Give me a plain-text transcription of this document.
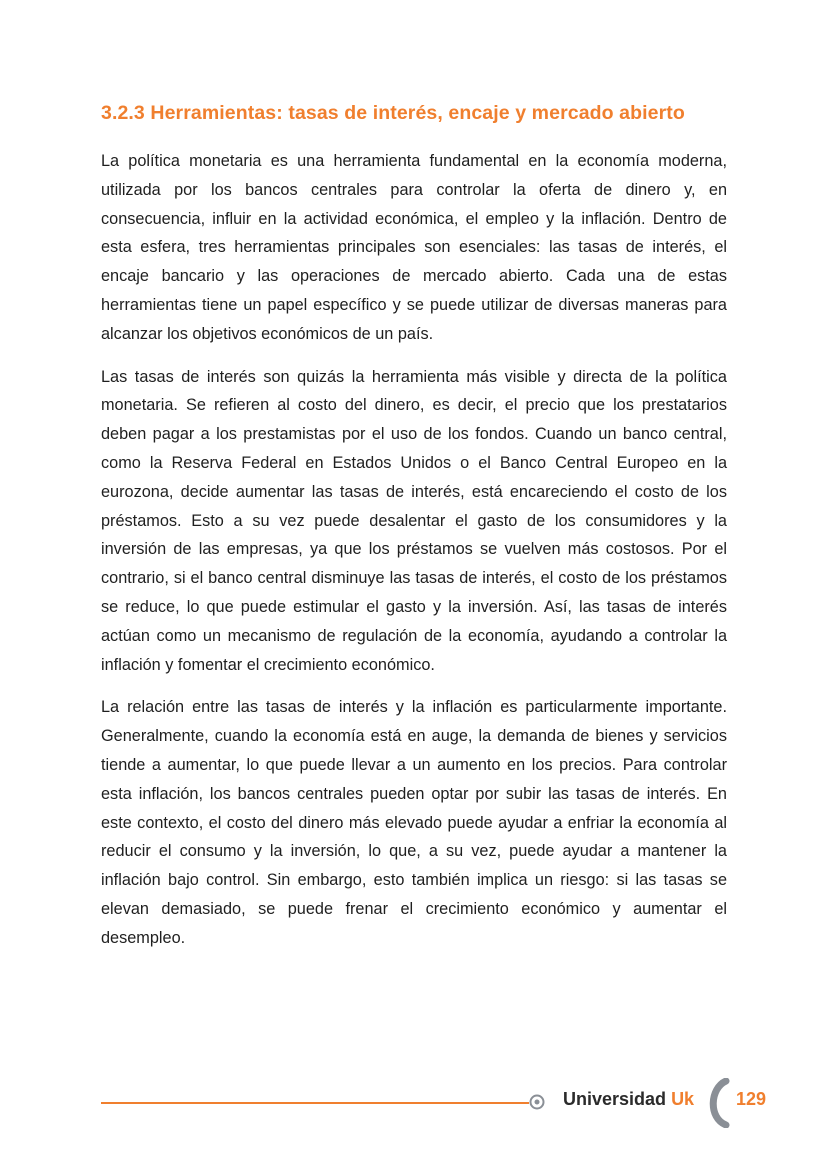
3.2.3 Herramientas: tasas de interés, encaje y mercado abierto

La política monetaria es una herramienta fundamental en la economía moderna, utilizada por los bancos centrales para controlar la oferta de dinero y, en consecuencia, influir en la actividad económica, el empleo y la inflación. Dentro de esta esfera, tres herramientas principales son esenciales: las tasas de interés, el encaje bancario y las operaciones de mercado abierto. Cada una de estas herramientas tiene un papel específico y se puede utilizar de diversas maneras para alcanzar los objetivos económicos de un país.

Las tasas de interés son quizás la herramienta más visible y directa de la política monetaria. Se refieren al costo del dinero, es decir, el precio que los prestatarios deben pagar a los prestamistas por el uso de los fondos. Cuando un banco central, como la Reserva Federal en Estados Unidos o el Banco Central Europeo en la eurozona, decide aumentar las tasas de interés, está encareciendo el costo de los préstamos. Esto a su vez puede desalentar el gasto de los consumidores y la inversión de las empresas, ya que los préstamos se vuelven más costosos. Por el contrario, si el banco central disminuye las tasas de interés, el costo de los préstamos se reduce, lo que puede estimular el gasto y la inversión. Así, las tasas de interés actúan como un mecanismo de regulación de la economía, ayudando a controlar la inflación y fomentar el crecimiento económico.

La relación entre las tasas de interés y la inflación es particularmente importante. Generalmente, cuando la economía está en auge, la demanda de bienes y servicios tiende a aumentar, lo que puede llevar a un aumento en los precios. Para controlar esta inflación, los bancos centrales pueden optar por subir las tasas de interés. En este contexto, el costo del dinero más elevado puede ayudar a enfriar la economía al reducir el consumo y la inversión, lo que, a su vez, puede ayudar a mantener la inflación bajo control. Sin embargo, esto también implica un riesgo: si las tasas se elevan demasiado, se puede frenar el crecimiento económico y aumentar el desempleo.

Universidad Uk 129
